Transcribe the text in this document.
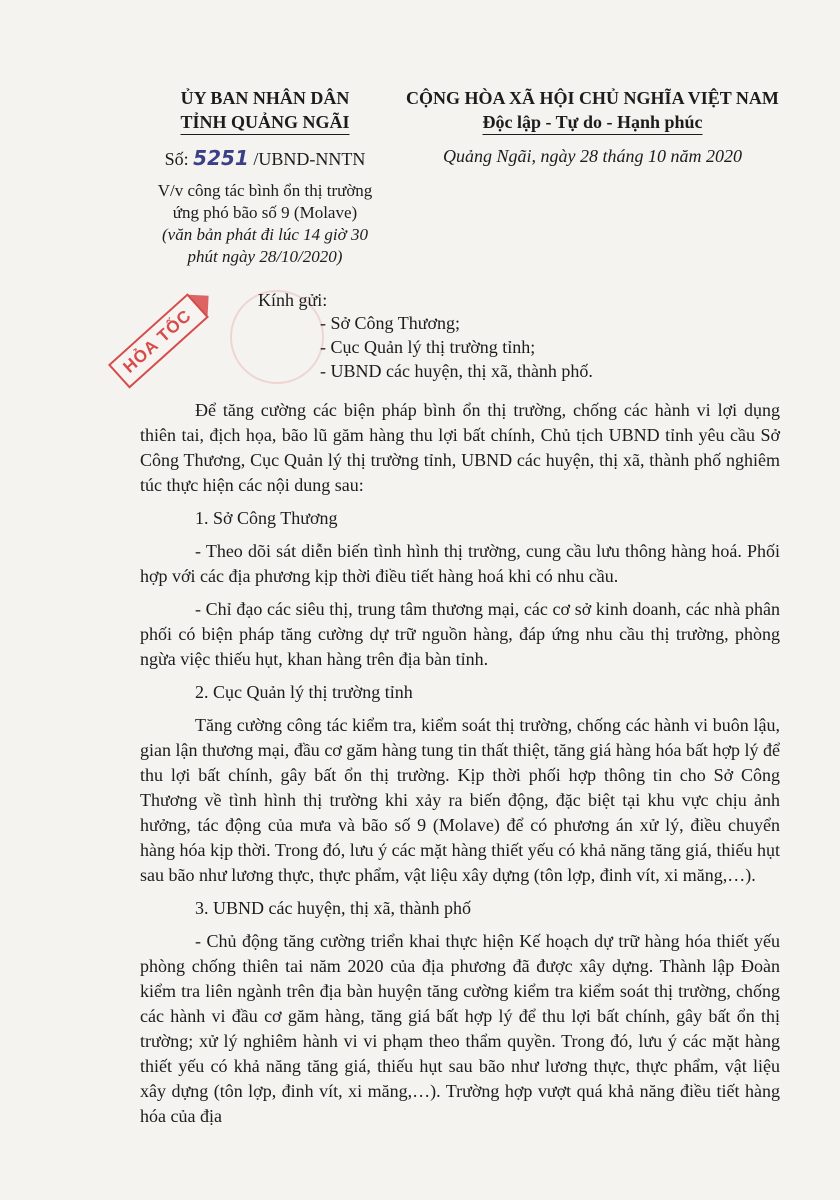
ỦY BAN NHÂN DÂN
TỈNH QUẢNG NGÃI
CỘNG HÒA XÃ HỘI CHỦ NGHĨA VIỆT NAM
Độc lập - Tự do - Hạnh phúc
Số: 5251 /UBND-NNTN	Quảng Ngãi, ngày 28 tháng 10 năm 2020
V/v công tác bình ổn thị trường
ứng phó bão số 9 (Molave)
(văn bản phát đi lúc 14 giờ 30
phút ngày 28/10/2020)
HỎA TỐC
Kính gửi:
- Sở Công Thương;
- Cục Quản lý thị trường tỉnh;
- UBND các huyện, thị xã, thành phố.

Để tăng cường các biện pháp bình ổn thị trường, chống các hành vi lợi dụng thiên tai, địch họa, bão lũ găm hàng thu lợi bất chính, Chủ tịch UBND tỉnh yêu cầu Sở Công Thương, Cục Quản lý thị trường tỉnh, UBND các huyện, thị xã, thành phố nghiêm túc thực hiện các nội dung sau:

1. Sở Công Thương

- Theo dõi sát diễn biến tình hình thị trường, cung cầu lưu thông hàng hoá. Phối hợp với các địa phương kịp thời điều tiết hàng hoá khi có nhu cầu.

- Chỉ đạo các siêu thị, trung tâm thương mại, các cơ sở kinh doanh, các nhà phân phối có biện pháp tăng cường dự trữ nguồn hàng, đáp ứng nhu cầu thị trường, phòng ngừa việc thiếu hụt, khan hàng trên địa bàn tỉnh.

2. Cục Quản lý thị trường tỉnh

Tăng cường công tác kiểm tra, kiểm soát thị trường, chống các hành vi buôn lậu, gian lận thương mại, đầu cơ găm hàng tung tin thất thiệt, tăng giá hàng hóa bất hợp lý để thu lợi bất chính, gây bất ổn thị trường. Kịp thời phối hợp thông tin cho Sở Công Thương về tình hình thị trường khi xảy ra biến động, đặc biệt tại khu vực chịu ảnh hưởng, tác động của mưa và bão số 9 (Molave) để có phương án xử lý, điều chuyển hàng hóa kịp thời. Trong đó, lưu ý các mặt hàng thiết yếu có khả năng tăng giá, thiếu hụt sau bão như lương thực, thực phẩm, vật liệu xây dựng (tôn lợp, đinh vít, xi măng,…).

3. UBND các huyện, thị xã, thành phố

- Chủ động tăng cường triển khai thực hiện Kế hoạch dự trữ hàng hóa thiết yếu phòng chống thiên tai năm 2020 của địa phương đã được xây dựng. Thành lập Đoàn kiểm tra liên ngành trên địa bàn huyện tăng cường kiểm tra kiểm soát thị trường, chống các hành vi đầu cơ găm hàng, tăng giá bất hợp lý để thu lợi bất chính, gây bất ổn thị trường; xử lý nghiêm hành vi vi phạm theo thẩm quyền. Trong đó, lưu ý các mặt hàng thiết yếu có khả năng tăng giá, thiếu hụt sau bão như lương thực, thực phẩm, vật liệu xây dựng (tôn lợp, đinh vít, xi măng,…). Trường hợp vượt quá khả năng điều tiết hàng hóa của địa
